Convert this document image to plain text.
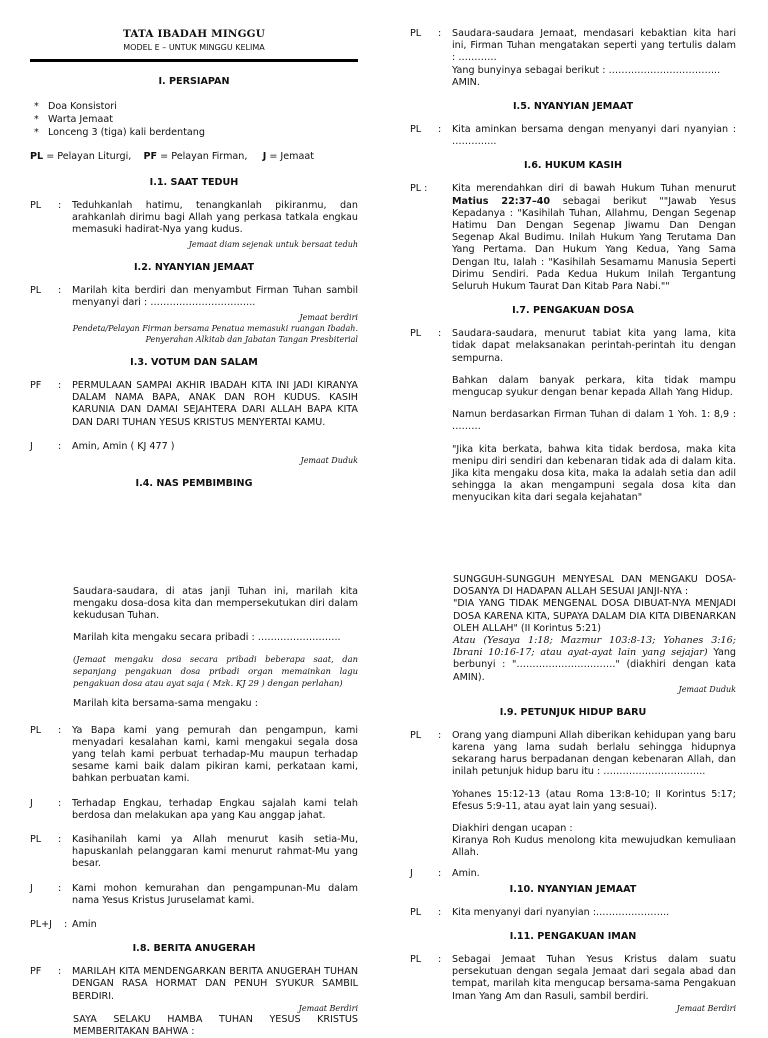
TATA IBADAH MINGGU
MODEL E – UNTUK MINGGU KELIMA
I. PERSIAPAN
* Doa Konsistori
* Warta Jemaat
* Lonceng 3 (tiga) kali berdentang
PL = Pelayan Liturgi, PF = Pelayan Firman, J = Jemaat
I.1. SAAT TEDUH
PL	:	Teduhkanlah hatimu, tenangkanlah pikiranmu, dan arahkanlah dirimu bagi Allah yang perkasa tatkala engkau memasuki hadirat-Nya yang kudus.
Jemaat diam sejenak untuk bersaat teduh
I.2. NYANYIAN JEMAAT
PL	:	Marilah kita berdiri dan menyambut Firman Tuhan sambil menyanyi dari : ……………………….…..
Jemaat berdiri
Pendeta/Pelayan Firman bersama Penatua memasuki ruangan Ibadah.
Penyerahan Alkitab dan Jabatan Tangan Presbiterial
I.3. VOTUM DAN SALAM
PF	:	PERMULAAN SAMPAI AKHIR IBADAH KITA INI JADI KIRANYA DALAM NAMA BAPA, ANAK DAN ROH KUDUS. KASIH KARUNIA DAN DAMAI SEJAHTERA DARI ALLAH BAPA KITA DAN DARI TUHAN YESUS KRISTUS MENYERTAI KAMU.
J	:	Amin, Amin ( KJ 477 )
Jemaat Duduk
I.4. NAS PEMBIMBING
Saudara-saudara, di atas janji Tuhan ini, marilah kita mengaku dosa-dosa kita dan mempersekutukan diri dalam kekudusan Tuhan.
Marilah kita mengaku secara pribadi : ……………………..
(Jemaat mengaku dosa secara pribadi beberapa saat, dan sepanjang pengakuan dosa pribadi organ memainkan lagu pengakuan dosa atau ayat saja ( Mzk. KJ 29 ) dengan perlahan)
Marilah kita bersama-sama mengaku :
PL	:	Ya Bapa kami yang pemurah dan pengampun, kami menyadari kesalahan kami, kami mengakui segala dosa yang telah kami perbuat terhadap-Mu maupun terhadap sesame kami baik dalam pikiran kami, perkataan kami, bahkan perbuatan kami.
J	:	Terhadap Engkau, terhadap Engkau sajalah kami telah berdosa dan melakukan apa yang Kau anggap jahat.
PL	:	Kasihanilah kami ya Allah menurut kasih setia-Mu, hapuskanlah pelanggaran kami menurut rahmat-Mu yang besar.
J	:	Kami mohon kemurahan dan pengampunan-Mu dalam nama Yesus Kristus Juruselamat kami.
PL+J	: Amin
I.8. BERITA ANUGERAH
PF	:	MARILAH KITA MENDENGARKAN BERITA ANUGERAH TUHAN DENGAN RASA HORMAT DAN PENUH SYUKUR SAMBIL BERDIRI.
Jemaat Berdiri
SAYA SELAKU HAMBA TUHAN YESUS KRISTUS MEMBERITAKAN BAHWA :
PL	:	Saudara-saudara Jemaat, mendasari kebaktian kita hari ini, Firman Tuhan mengatakan seperti yang tertulis dalam : …………
Yang bunyinya sebagai berikut : ……………………………..
AMIN.
I.5. NYANYIAN JEMAAT
PL	:	Kita aminkan bersama dengan menyanyi dari nyanyian : …………..
I.6. HUKUM KASIH
PL :	Kita merendahkan diri di bawah Hukum Tuhan menurut Matius 22:37–40 sebagai berikut ""Jawab Yesus Kepadanya : "Kasihilah Tuhan, Allahmu, Dengan Segenap Hatimu Dan Dengan Segenap Jiwamu Dan Dengan Segenap Akal Budimu. Inilah Hukum Yang Terutama Dan Yang Pertama. Dan Hukum Yang Kedua, Yang Sama Dengan Itu, Ialah : "Kasihilah Sesamamu Manusia Seperti Dirimu Sendiri. Pada Kedua Hukum Inilah Tergantung Seluruh Hukum Taurat Dan Kitab Para Nabi.""
I.7. PENGAKUAN DOSA
PL	:	Saudara-saudara, menurut tabiat kita yang lama, kita tidak dapat melaksanakan perintah-perintah itu dengan sempurna.
Bahkan dalam banyak perkara, kita tidak mampu mengucap syukur dengan benar kepada Allah Yang Hidup.
Namun berdasarkan Firman Tuhan di dalam 1 Yoh. 1: 8,9 : ………
"Jika kita berkata, bahwa kita tidak berdosa, maka kita menipu diri sendiri dan kebenaran tidak ada di dalam kita. Jika kita mengaku dosa kita, maka Ia adalah setia dan adil sehingga Ia akan mengampuni segala dosa kita dan menyucikan kita dari segala kejahatan"
SUNGGUH-SUNGGUH MENYESAL DAN MENGAKU DOSA-DOSANYA DI HADAPAN ALLAH SESUAI JANJI-NYA :
"DIA YANG TIDAK MENGENAL DOSA DIBUAT-NYA MENJADI DOSA KARENA KITA, SUPAYA DALAM DIA KITA DIBENARKAN OLEH ALLAH" (II Korintus 5:21)
Atau (Yesaya 1:18; Mazmur 103:8-13; Yohanes 3:16; Ibrani 10:16-17; atau ayat-ayat lain yang sejajar) Yang berbunyi : "…………………………." (diakhiri dengan kata AMIN).
Jemaat Duduk
I.9. PETUNJUK HIDUP BARU
PL	:	Orang yang diampuni Allah diberikan kehidupan yang baru karena yang lama sudah berlalu sehingga hidupnya sekarang harus berpadanan dengan kebenaran Allah, dan inilah petunjuk hidup baru itu : …………………………..
Yohanes 15:12-13 (atau Roma 13:8-10; II Korintus 5:17; Efesus 5:9-11, atau ayat lain yang sesuai).
Diakhiri dengan ucapan :
Kiranya Roh Kudus menolong kita mewujudkan kemuliaan Allah.
J	:	Amin.
I.10. NYANYIAN JEMAAT
PL	:	Kita menyanyi dari nyanyian :…………………..
I.11. PENGAKUAN IMAN
PL	:	Sebagai Jemaat Tuhan Yesus Kristus dalam suatu persekutuan dengan segala Jemaat dari segala abad dan tempat, marilah kita mengucap bersama-sama Pengakuan Iman Yang Am dan Rasuli, sambil berdiri.
Jemaat Berdiri
